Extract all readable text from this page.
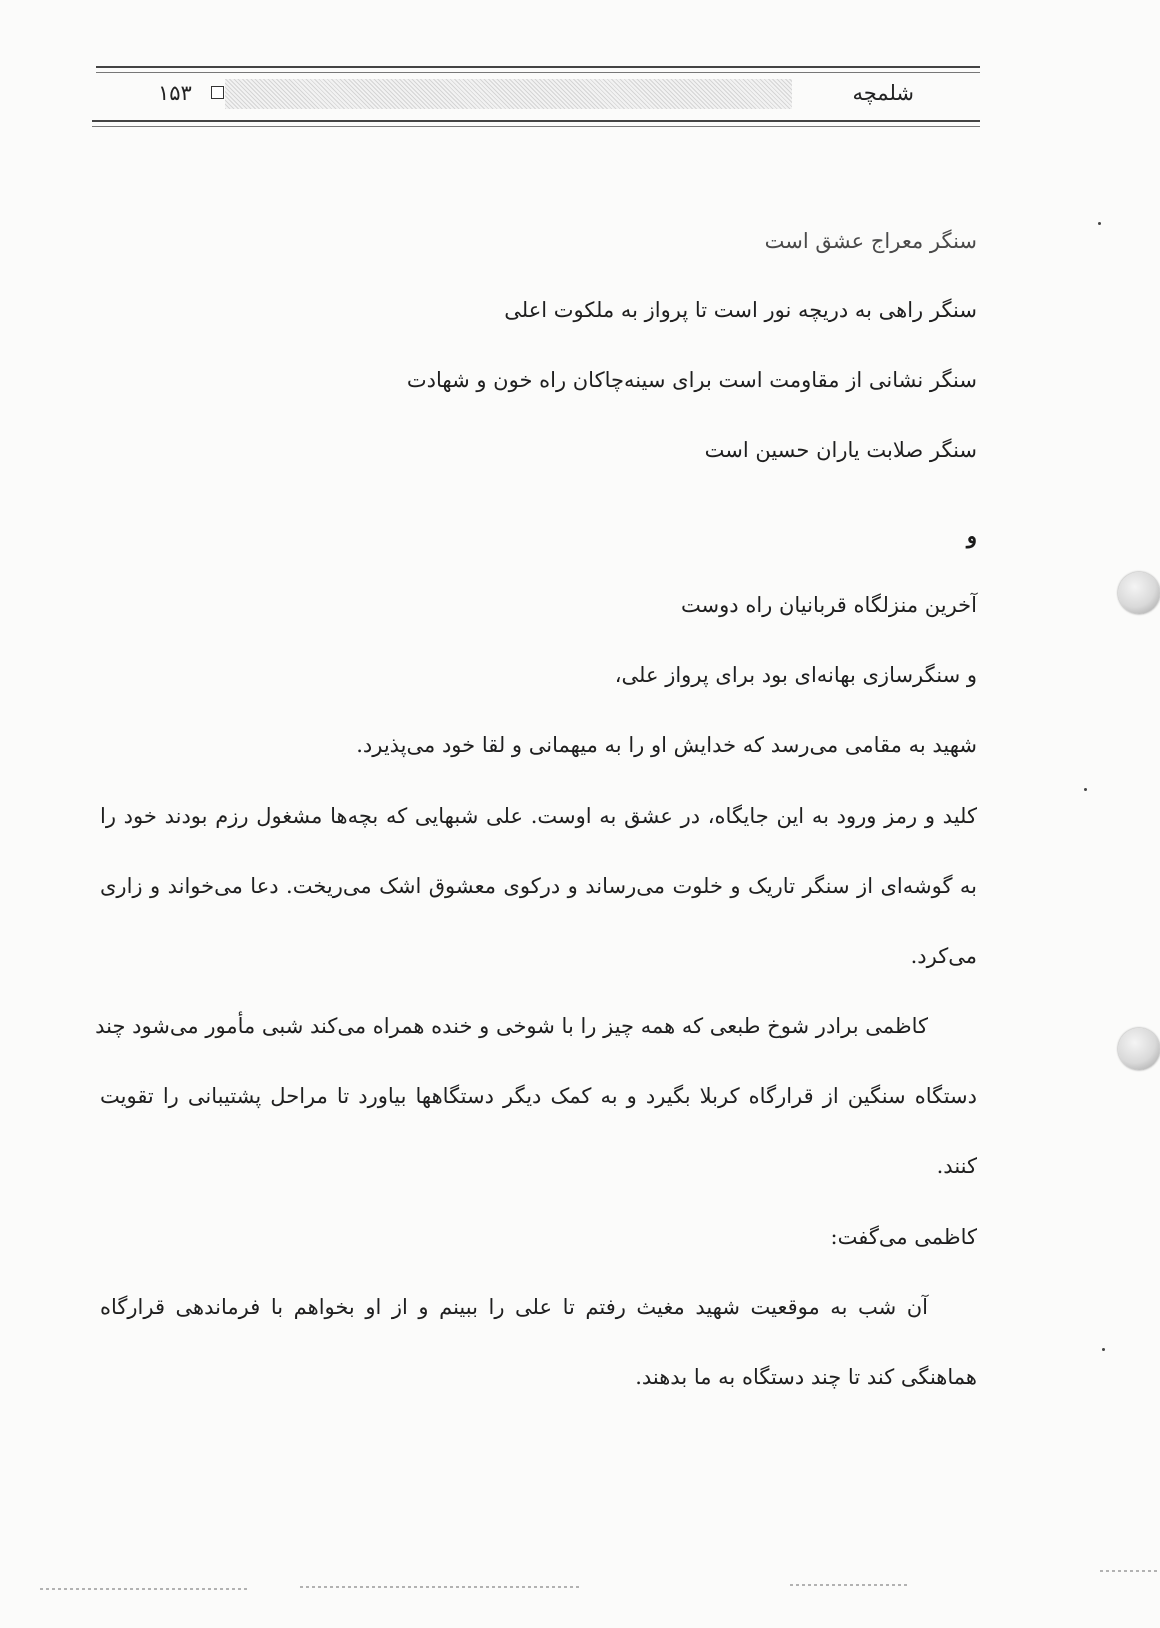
۱۵۳	شلمچه
سنگر معراج عشق است
سنگر راهی به دریچه نور است تا پرواز به ملکوت اعلی
سنگر نشانی از مقاومت است برای سینه‌چاکان راه خون و شهادت
سنگر صلابت یاران حسین است
و
آخرین منزلگاه قربانیان راه دوست
و سنگرسازی بهانه‌ای بود برای پرواز علی،
شهید به مقامی می‌رسد که خدایش او را به میهمانی و لقا خود می‌پذیرد.
کلید و رمز ورود به این جایگاه، در عشق به اوست. علی شبهایی که بچه‌ها مشغول رزم بودند خود را
به گوشه‌ای از سنگر تاریک و خلوت می‌رساند و درکوی معشوق اشک می‌ریخت. دعا می‌خواند و زاری
می‌کرد.
کاظمی برادر شوخ طبعی که همه چیز را با شوخی و خنده همراه می‌کند شبی مأمور می‌شود چند
دستگاه سنگین از قرارگاه کربلا بگیرد و به کمک دیگر دستگاهها بیاورد تا مراحل پشتیبانی را تقویت
کنند.
کاظمی می‌گفت:
آن شب به موقعیت شهید مغیث رفتم تا علی را ببینم و از او بخواهم با فرماندهی قرارگاه
هماهنگی کند تا چند دستگاه به ما بدهند.
